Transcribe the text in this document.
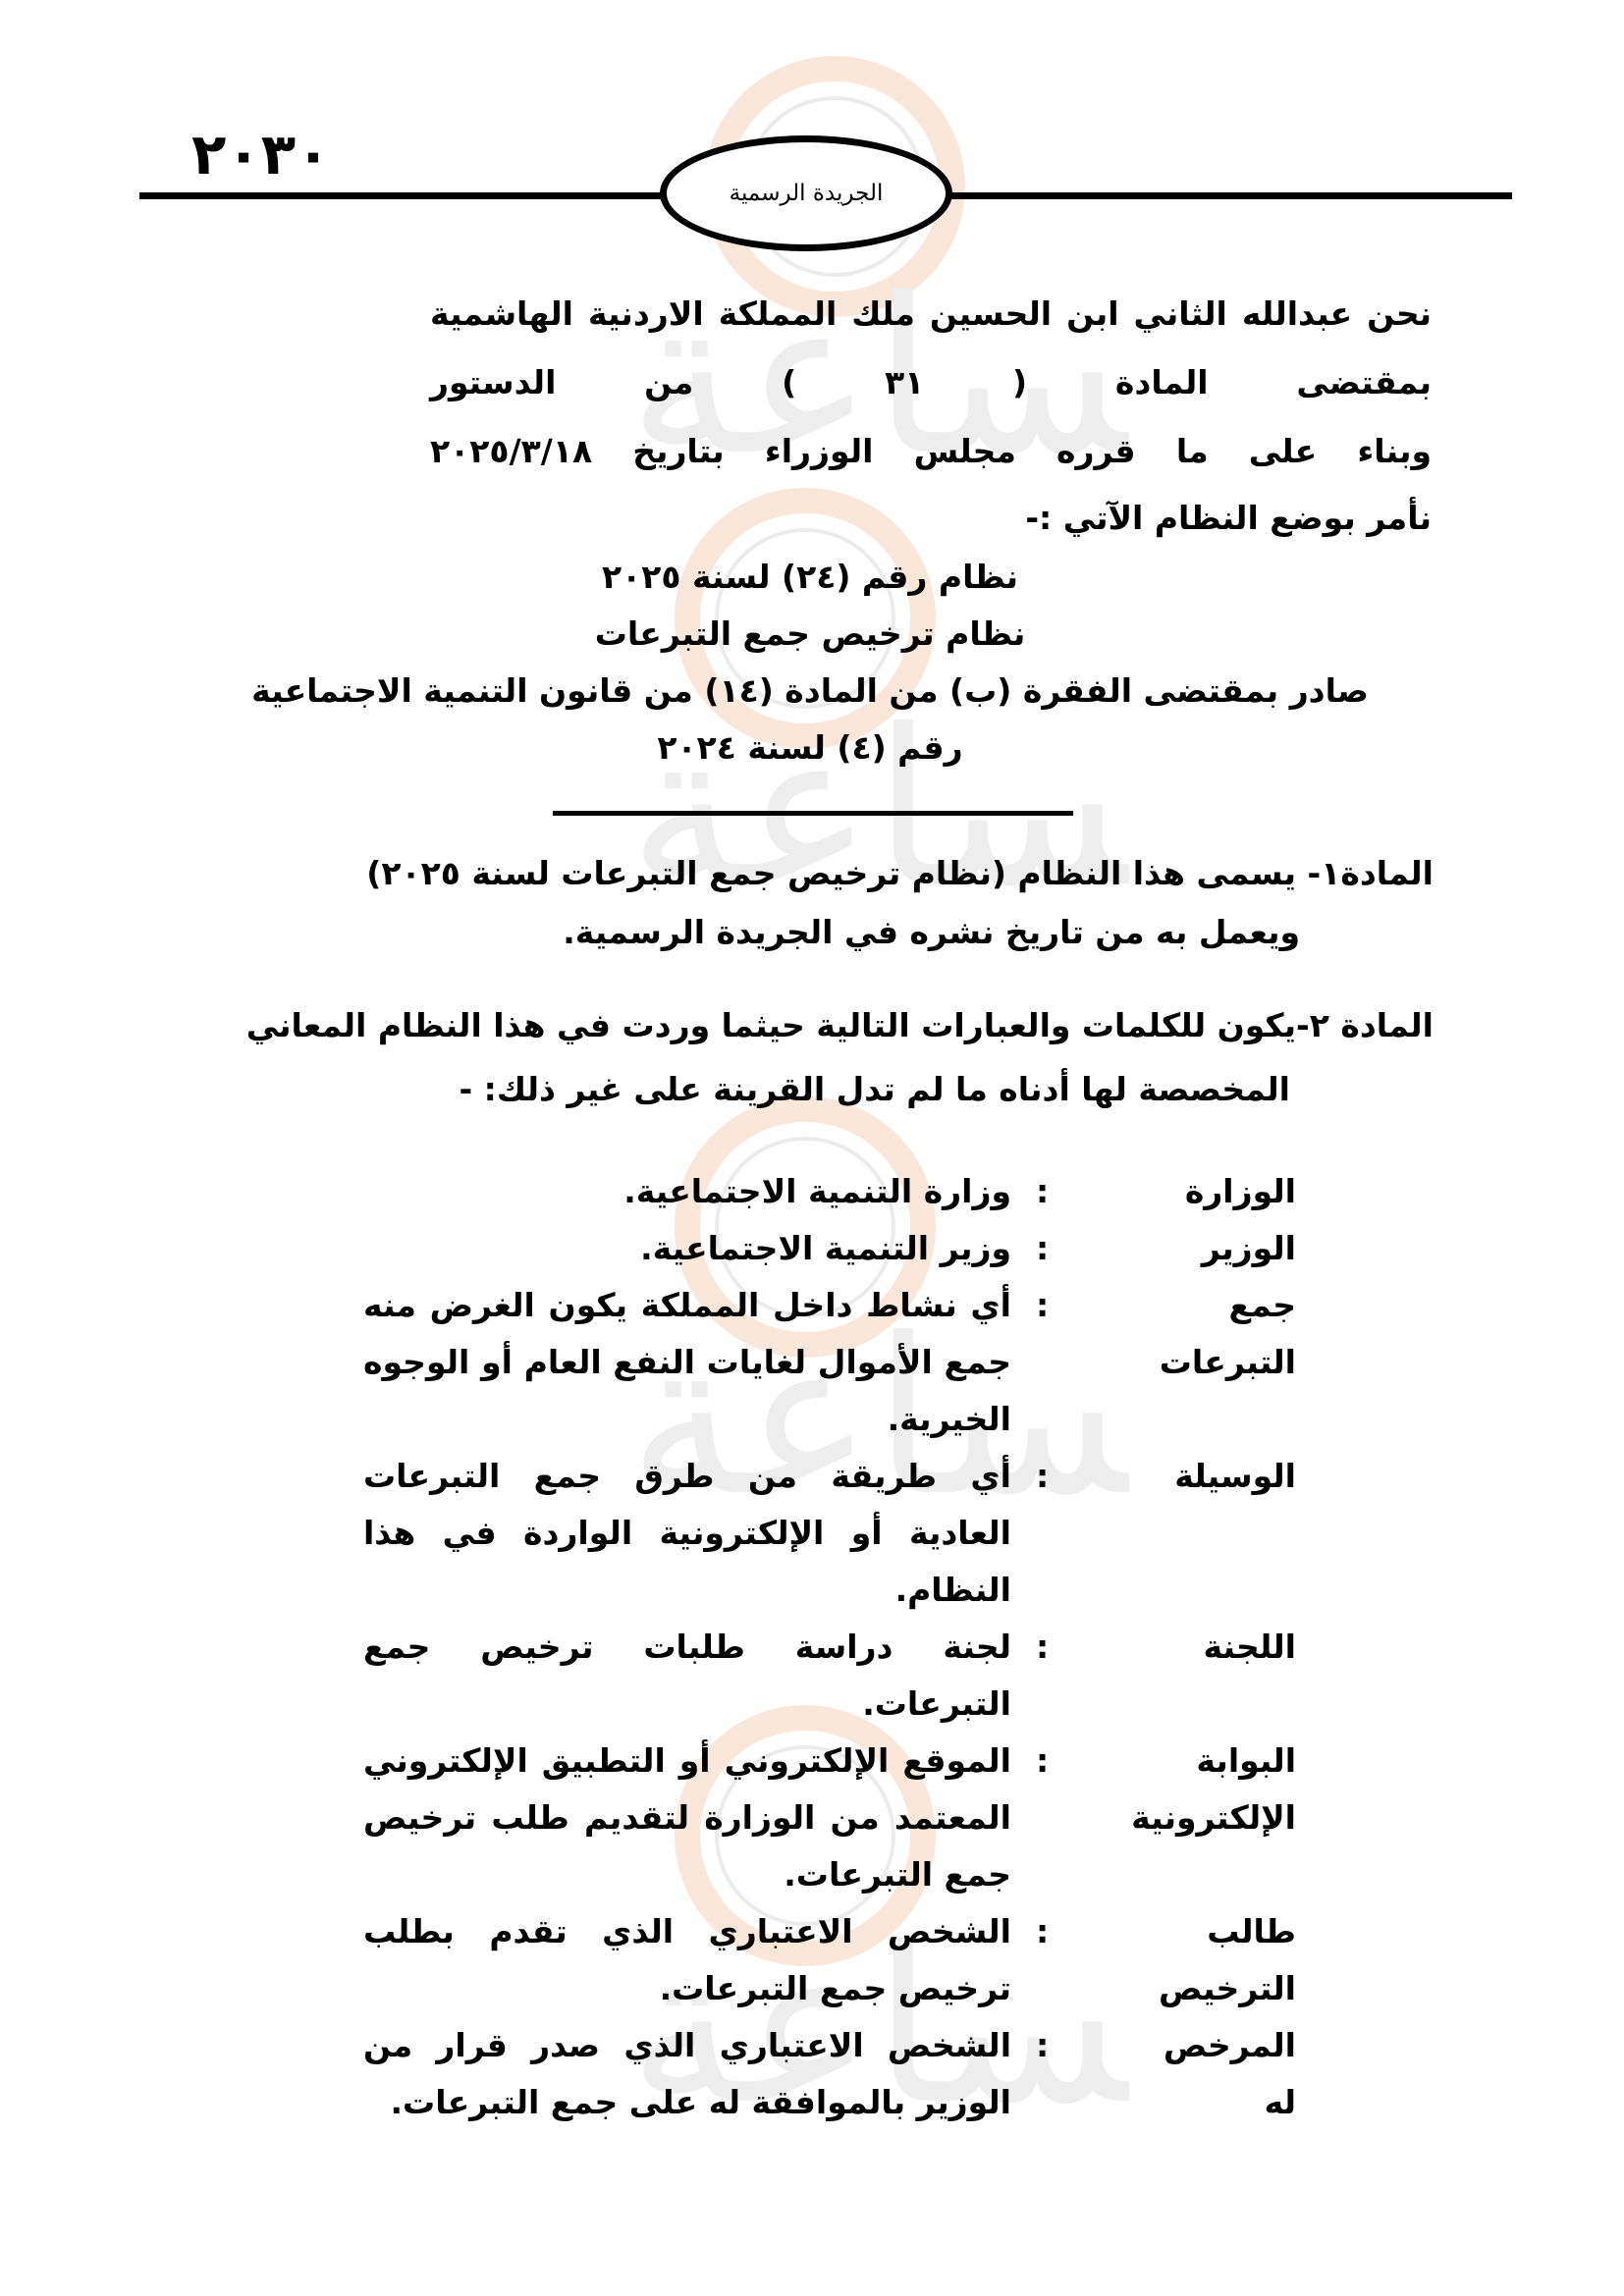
ساعة
ساعة
ساعة
ساعة
٢٠٣٠
الجريدة الرسمية
نحن عبدالله الثاني ابن الحسين ملك المملكة الاردنية الهاشمية
بمقتضى المادة ( ٣١ ) من الدستور
وبناء على ما قرره مجلس الوزراء بتاريخ ٢٠٢٥/٣/١٨
نأمر بوضع النظام الآتي :-
نظام رقم (٢٤) لسنة ٢٠٢٥
نظام ترخيص جمع التبرعات
صادر بمقتضى الفقرة (ب) من المادة (١٤) من قانون التنمية الاجتماعية
رقم (٤) لسنة ٢٠٢٤
المادة١- يسمى هذا النظام (نظام ترخيص جمع التبرعات لسنة ٢٠٢٥)
ويعمل به من تاريخ نشره في الجريدة الرسمية.
المادة ٢-يكون للكلمات والعبارات التالية حيثما وردت في هذا النظام المعاني
المخصصة لها أدناه ما لم تدل القرينة على غير ذلك: -
الوزارة
:
وزارة التنمية الاجتماعية.
الوزير
:
وزير التنمية الاجتماعية.
جمع التبرعات
:
أي نشاط داخل المملكة يكون الغرض منه جمع الأموال لغايات النفع العام أو الوجوه الخيرية.
الوسيلة
:
أي طريقة من طرق جمع التبرعات العادية أو الإلكترونية الواردة في هذا النظام.
اللجنة
:
لجنة دراسة طلبات ترخيص جمع التبرعات.
البوابة الإلكترونية
:
الموقع الإلكتروني أو التطبيق الإلكتروني المعتمد من الوزارة لتقديم طلب ترخيص جمع التبرعات.
طالب الترخيص
:
الشخص الاعتباري الذي تقدم بطلب ترخيص جمع التبرعات.
المرخص له
:
الشخص الاعتباري الذي صدر قرار من الوزير بالموافقة له على جمع التبرعات.
